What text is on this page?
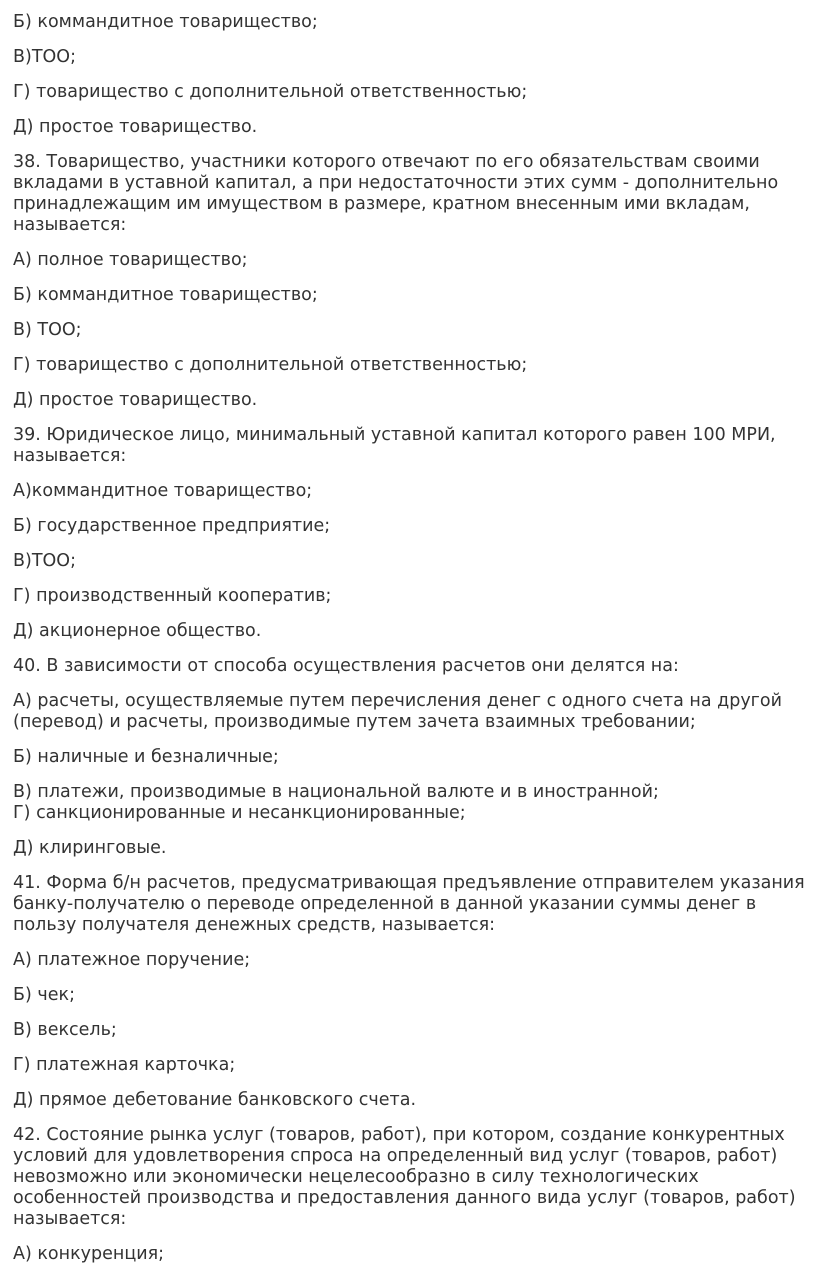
Б) коммандитное товарищество;

В)ТОО;

Г) товарищество с дополнительной ответственностью;

Д) простое товарищество.

38. Товарищество, участники которого отвечают по его обязательствам своими
вкладами в уставной капитал, а при недостаточности этих сумм - дополнительно
принадлежащим им имуществом в размере, кратном внесенным ими вкладам,
называется:

А) полное товарищество;

Б) коммандитное товарищество;

В) ТОО;

Г) товарищество с дополнительной ответственностью;

Д) простое товарищество.

39. Юридическое лицо, минимальный уставной капитал которого равен 100 МРИ,
называется:

А)коммандитное товарищество;

Б) государственное предприятие;

В)ТОО;

Г) производственный кооператив;

Д) акционерное общество.

40. В зависимости от способа осуществления расчетов они делятся на:

А) расчеты, осуществляемые путем перечисления денег с одного счета на другой
(перевод) и расчеты, производимые путем зачета взаимных требовании;

Б) наличные и безналичные;

В) платежи, производимые в национальной валюте и в иностранной;

Г) санкционированные и несанкционированные;

Д) клиринговые.

41. Форма б/н расчетов, предусматривающая предъявление отправителем указания
банку-получателю о переводе определенной в данной указании суммы денег в
пользу получателя денежных средств, называется:

А) платежное поручение;

Б) чек;

В) вексель;

Г) платежная карточка;

Д) прямое дебетование банковского счета.

42. Состояние рынка услуг (товаров, работ), при котором, создание конкурентных
условий для удовлетворения спроса на определенный вид услуг (товаров, работ)
невозможно или экономически нецелесообразно в силу технологических
особенностей производства и предоставления данного вида услуг (товаров, работ)
называется:

А) конкуренция;
